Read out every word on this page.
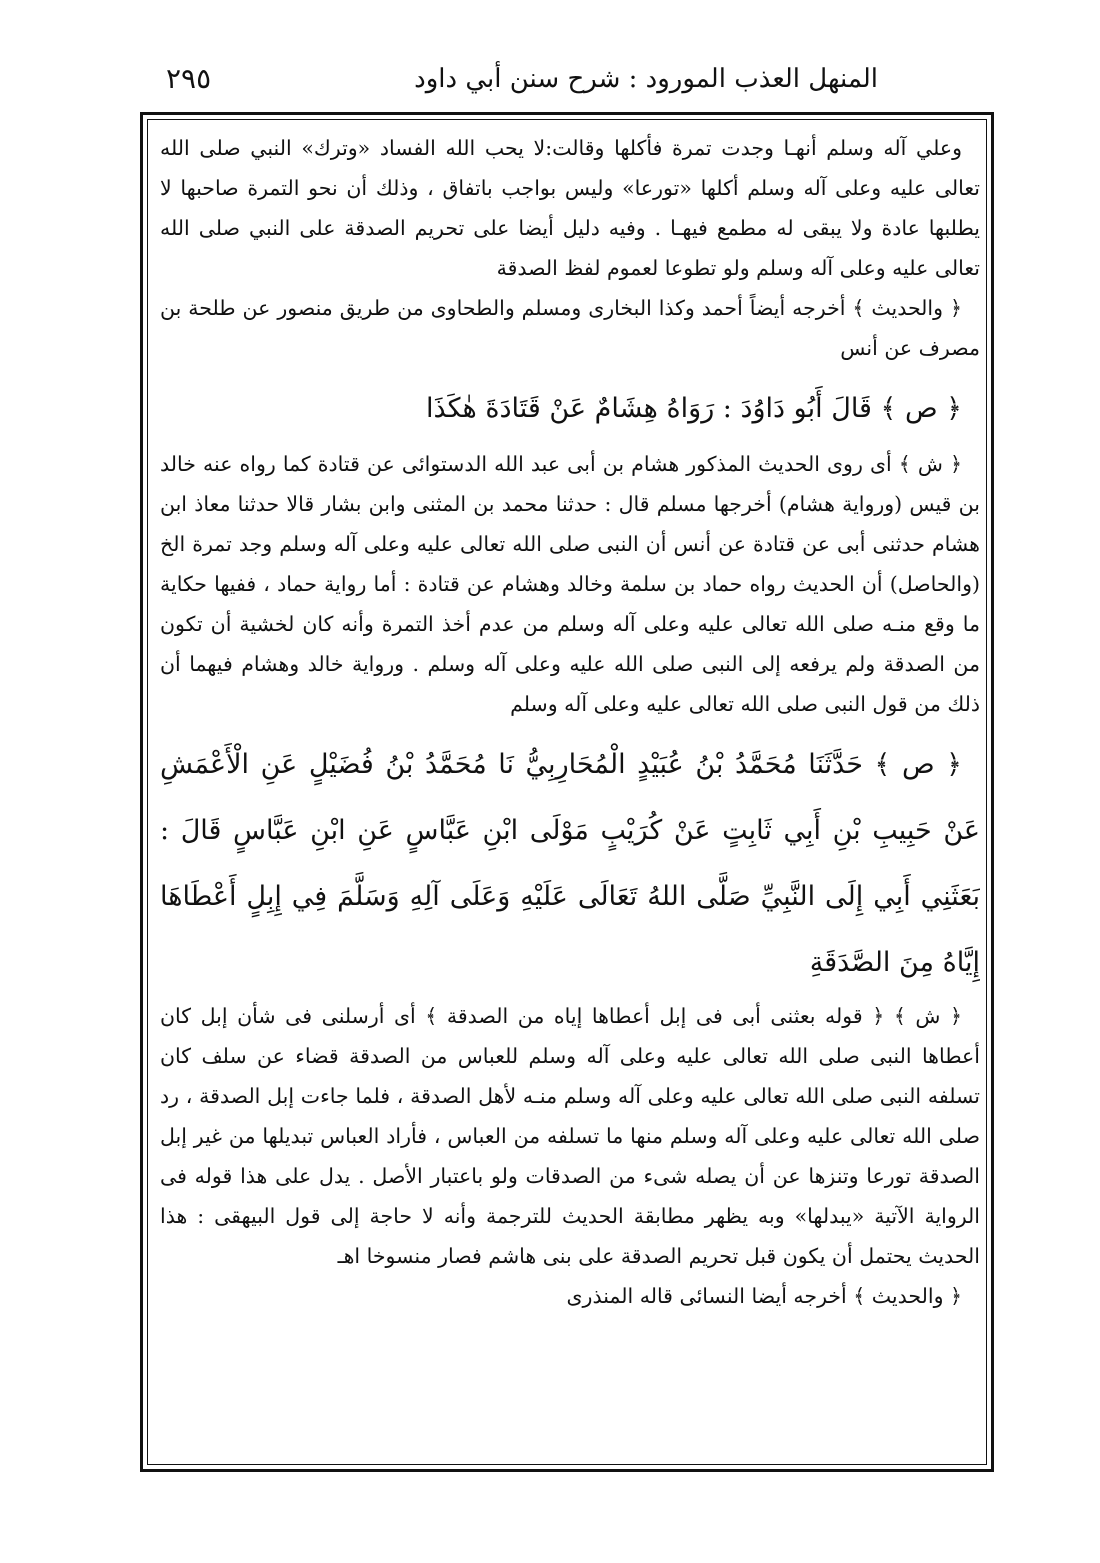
المنهل العذب المورود : شرح سنن أبي داود
٢٩٥

وعلي آله وسلم أنهـا وجدت تمرة فأكلها وقالت:لا يحب الله الفساد «وترك» النبي صلى الله تعالى عليه وعلى آله وسلم أكلها «تورعا» وليس بواجب باتفاق ، وذلك أن نحو التمرة صاحبها لا يطلبها عادة ولا يبقى له مطمع فيهـا . وفيه دليل أيضا على تحريم الصدقة على النبي صلى الله تعالى عليه وعلى آله وسلم ولو تطوعا لعموم لفظ الصدقة

﴿ والحديث ﴾ أخرجه أيضاً أحمد وكذا البخارى ومسلم والطحاوى من طريق منصور عن طلحة بن مصرف عن أنس

﴿ ص ﴾ قَالَ أَبُو دَاوُدَ : رَوَاهُ هِشَامٌ عَنْ قَتَادَةَ هٰكَذَا

﴿ ش ﴾ أى روى الحديث المذكور هشام بن أبى عبد الله الدستوائى عن قتادة كما رواه عنه خالد بن قيس (ورواية هشام) أخرجها مسلم قال : حدثنا محمد بن المثنى وابن بشار قالا حدثنا معاذ ابن هشام حدثنى أبى عن قتادة عن أنس أن النبى صلى الله تعالى عليه وعلى آله وسلم وجد تمرة الخ (والحاصل) أن الحديث رواه حماد بن سلمة وخالد وهشام عن قتادة : أما رواية حماد ، ففيها حكاية ما وقع منـه صلى الله تعالى عليه وعلى آله وسلم من عدم أخذ التمرة وأنه كان لخشية أن تكون من الصدقة ولم يرفعه إلى النبى صلى الله عليه وعلى آله وسلم . ورواية خالد وهشام فيهما أن ذلك من قول النبى صلى الله تعالى عليه وعلى آله وسلم

﴿ ص ﴾ حَدَّثَنَا مُحَمَّدُ بْنُ عُبَيْدٍ الْمُحَارِبِيُّ نَا مُحَمَّدُ بْنُ فُضَيْلٍ عَنِ الْأَعْمَشِ عَنْ حَبِيبِ بْنِ أَبِي ثَابِتٍ عَنْ كُرَيْبٍ مَوْلَى ابْنِ عَبَّاسٍ عَنِ ابْنِ عَبَّاسٍ قَالَ : بَعَثَنِي أَبِي إِلَى النَّبِيِّ صَلَّى اللهُ تَعَالَى عَلَيْهِ وَعَلَى آلِهِ وَسَلَّمَ فِي إِبِلٍ أَعْطَاهَا إِيَّاهُ مِنَ الصَّدَقَةِ

﴿ ش ﴾ ﴿ قوله بعثنى أبى فى إبل أعطاها إياه من الصدقة ﴾ أى أرسلنى فى شأن إبل كان أعطاها النبى صلى الله تعالى عليه وعلى آله وسلم للعباس من الصدقة قضاء عن سلف كان تسلفه النبى صلى الله تعالى عليه وعلى آله وسلم منـه لأهل الصدقة ، فلما جاءت إبل الصدقة ، رد صلى الله تعالى عليه وعلى آله وسلم منها ما تسلفه من العباس ، فأراد العباس تبديلها من غير إبل الصدقة تورعا وتنزها عن أن يصله شىء من الصدقات ولو باعتبار الأصل . يدل على هذا قوله فى الرواية الآتية «يبدلها» وبه يظهر مطابقة الحديث للترجمة وأنه لا حاجة إلى قول البيهقى : هذا الحديث يحتمل أن يكون قبل تحريم الصدقة على بنى هاشم فصار منسوخا اهـ

﴿ والحديث ﴾ أخرجه أيضا النسائى قاله المنذرى
